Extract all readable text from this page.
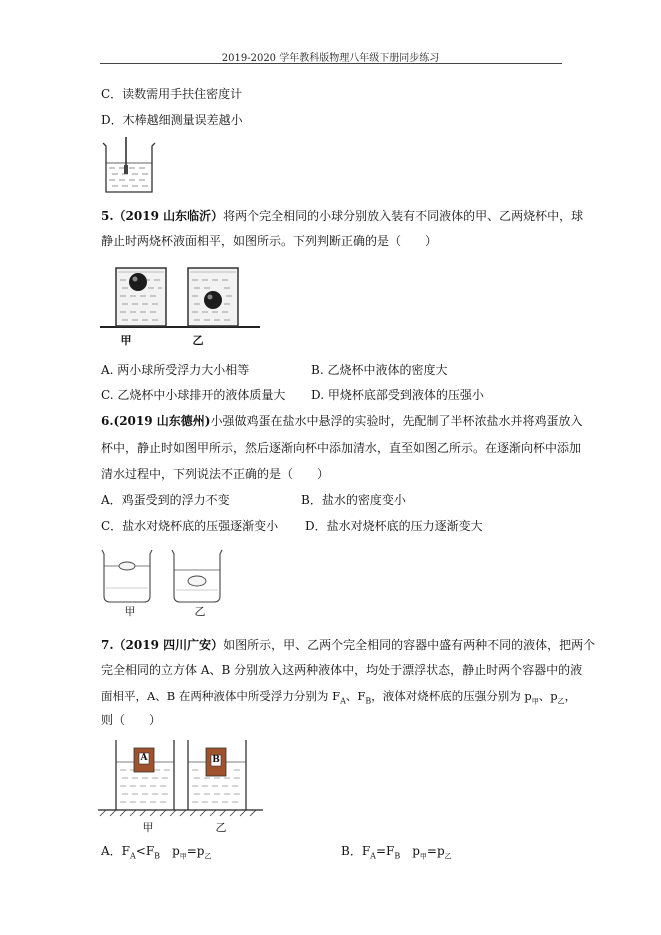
2019-2020 学年教科版物理八年级下册同步练习
C．读数需用手扶住密度计
D．木棒越细测量误差越小
5.（2019 山东临沂）将两个完全相同的小球分别放入装有不同液体的甲、乙两烧杯中，球
静止时两烧杯液面相平，如图所示。下列判断正确的是（　　）
甲	乙
A. 两小球所受浮力大小相等	B. 乙烧杯中液体的密度大
C. 乙烧杯中小球排开的液体质量大 D. 甲烧杯底部受到液体的压强小
6.(2019 山东德州)小强做鸡蛋在盐水中悬浮的实验时，先配制了半杯浓盐水并将鸡蛋放入
杯中，静止时如图甲所示，然后逐渐向杯中添加清水，直至如图乙所示。在逐渐向杯中添加
清水过程中，下列说法不正确的是（　　）
A．鸡蛋受到的浮力不变	B．盐水的密度变小
C．盐水对烧杯底的压强逐渐变小 D．盐水对烧杯底的压力逐渐变大
甲	乙
7.（2019 四川广安）如图所示，甲、乙两个完全相同的容器中盛有两种不同的液体，把两个
完全相同的立方体 A、B 分别放入这两种液体中，均处于漂浮状态，静止时两个容器中的液
面相平，A、B 在两种液体中所受浮力分别为 $F_A$、$F_B$，液体对烧杯底的压强分别为 $p_甲$、$p_乙$，
则（　　）
A	B
甲	乙
A．$F_A<F_B$　$p_甲=p_乙$	B．$F_A=F_B$　$p_甲=p_乙$
